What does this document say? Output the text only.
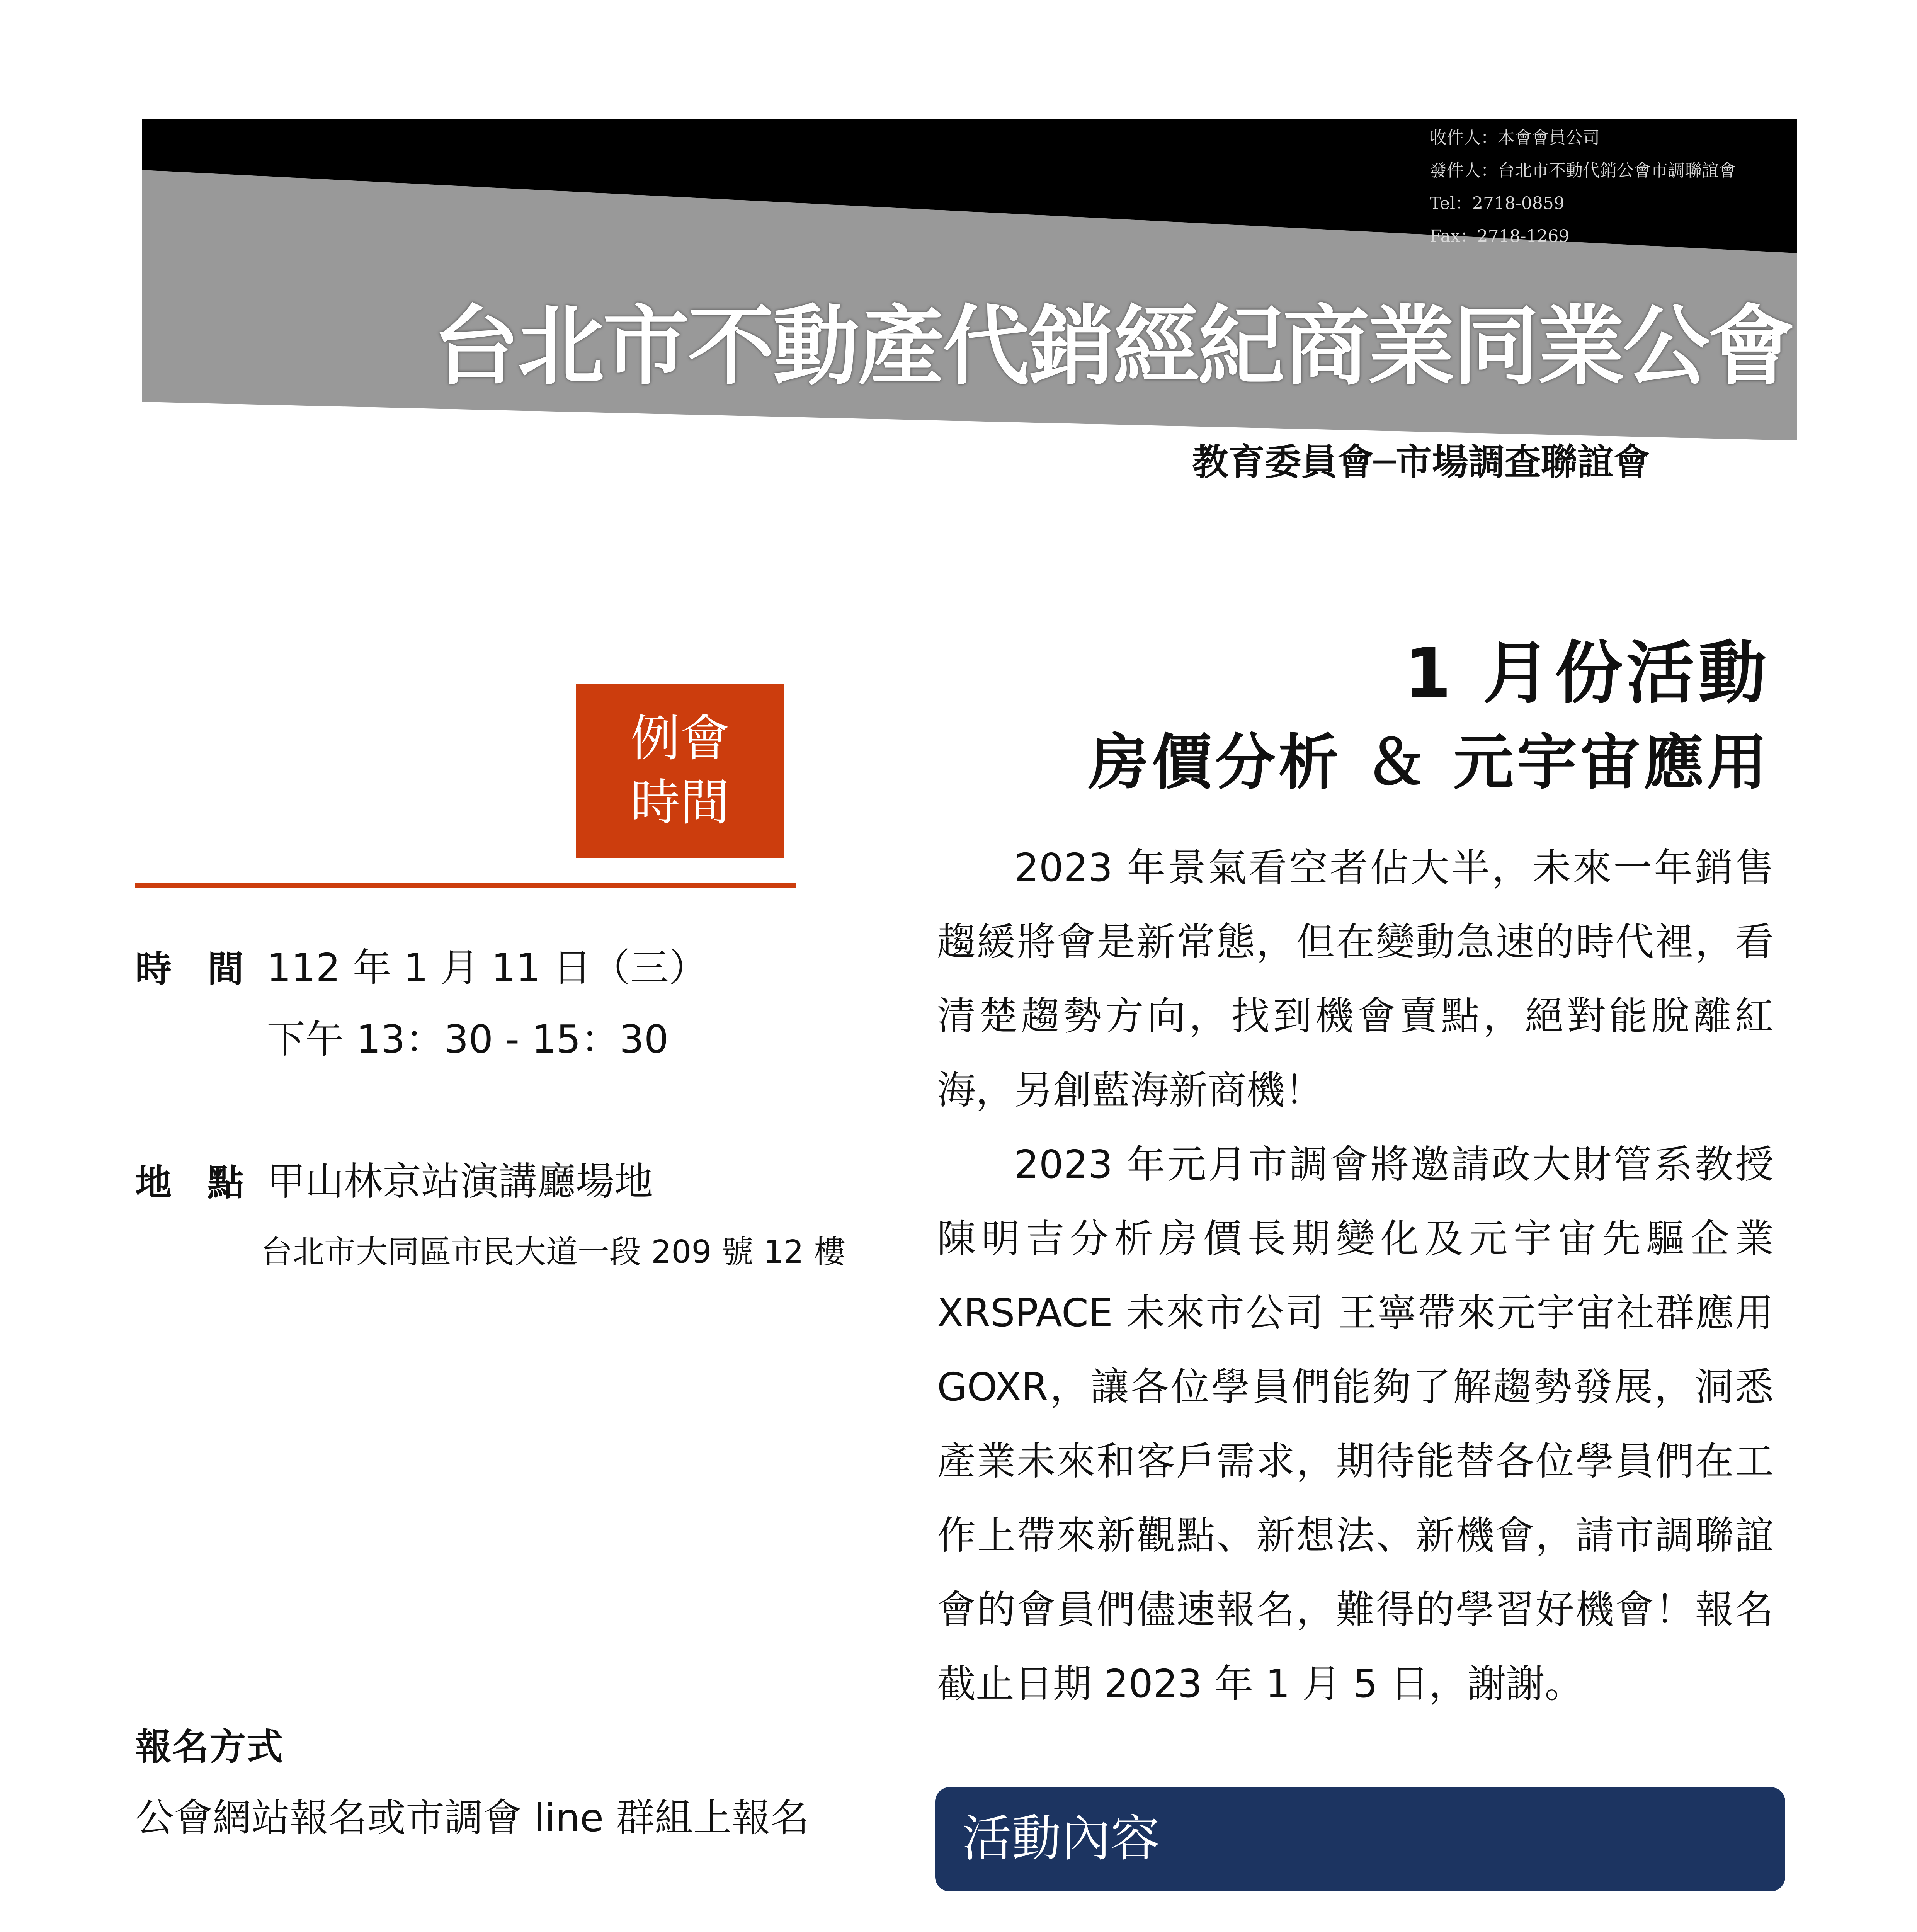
收件人：本會會員公司
發件人：台北市不動代銷公會市調聯誼會
Tel：2718-0859
Fax：2718-1269
台北市不動產代銷經紀商業同業公會
教育委員會─市場調查聯誼會
例會
時間
時 間 112 年 1 月 11 日（三）
下午 13：30 - 15：30
地 點 甲山林京站演講廳場地
台北市大同區市民大道一段 209 號 12 樓
報名方式
公會網站報名或市調會 line 群組上報名
1 月份活動
房價分析 ＆ 元宇宙應用

2023 年景氣看空者佔大半，未來一年銷售趨緩將會是新常態，但在變動急速的時代裡，看清楚趨勢方向，找到機會賣點，絕對能脫離紅海，另創藍海新商機！

2023 年元月市調會將邀請政大財管系教授陳明吉分析房價長期變化及元宇宙先驅企業 XRSPACE 未來市公司 王寧帶來元宇宙社群應用 GOXR，讓各位學員們能夠了解趨勢發展，洞悉產業未來和客戶需求，期待能替各位學員們在工作上帶來新觀點、新想法、新機會，請市調聯誼會的會員們儘速報名，難得的學習好機會！報名截止日期 2023 年 1 月 5 日，謝謝。

活動內容
